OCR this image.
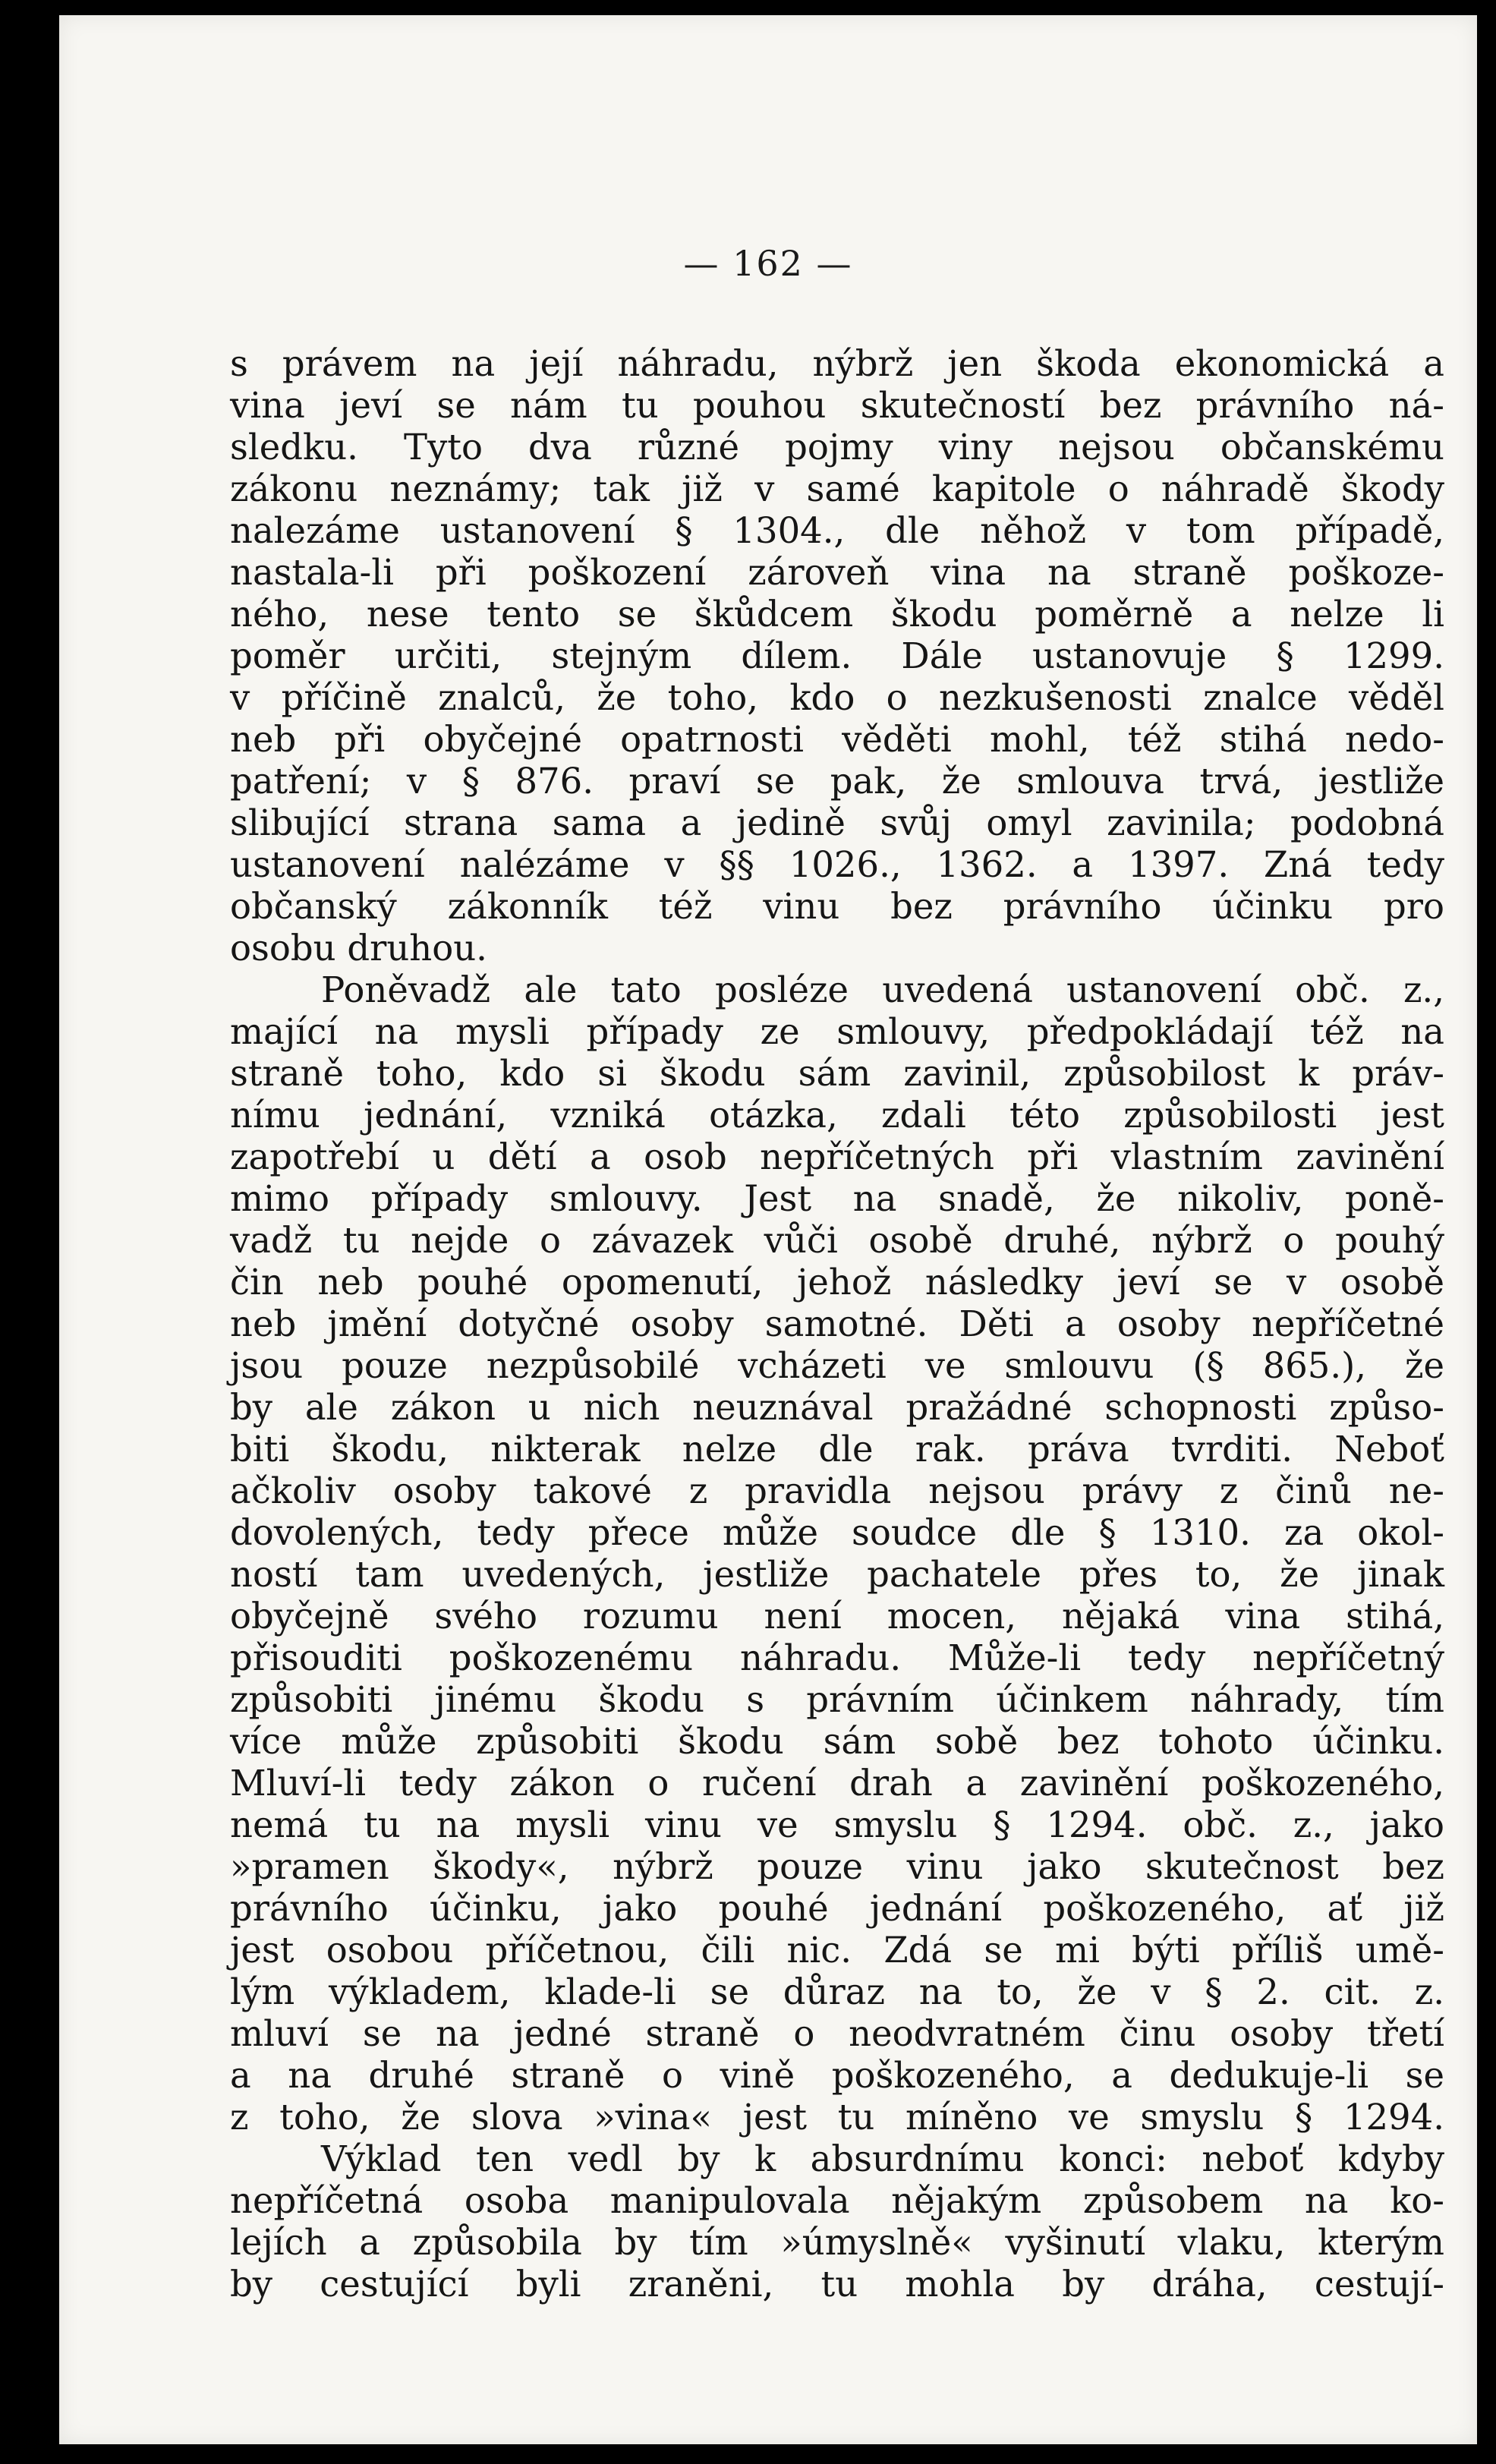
— 162 —
s právem na její náhradu, nýbrž jen škoda ekonomická a
vina jeví se nám tu pouhou skutečností bez právního ná-
sledku. Tyto dva různé pojmy viny nejsou občanskému
zákonu neznámy; tak již v samé kapitole o náhradě škody
nalezáme ustanovení § 1304., dle něhož v tom případě,
nastala-li při poškození zároveň vina na straně poškoze-
ného, nese tento se škůdcem škodu poměrně a nelze li
poměr určiti, stejným dílem. Dále ustanovuje § 1299.
v příčině znalců, že toho, kdo o nezkušenosti znalce věděl
neb při obyčejné opatrnosti věděti mohl, též stihá nedo-
patření; v § 876. praví se pak, že smlouva trvá, jestliže
slibující strana sama a jedině svůj omyl zavinila; podobná
ustanovení nalézáme v §§ 1026., 1362. a 1397. Zná tedy
občanský zákonník též vinu bez právního účinku pro
osobu druhou.
Poněvadž ale tato posléze uvedená ustanovení obč. z.,
mající na mysli případy ze smlouvy, předpokládají též na
straně toho, kdo si škodu sám zavinil, způsobilost k práv-
nímu jednání, vzniká otázka, zdali této způsobilosti jest
zapotřebí u dětí a osob nepříčetných při vlastním zavinění
mimo případy smlouvy. Jest na snadě, že nikoliv, poně-
vadž tu nejde o závazek vůči osobě druhé, nýbrž o pouhý
čin neb pouhé opomenutí, jehož následky jeví se v osobě
neb jmění dotyčné osoby samotné. Děti a osoby nepříčetné
jsou pouze nezpůsobilé vcházeti ve smlouvu (§ 865.), že
by ale zákon u nich neuznával pražádné schopnosti způso-
biti škodu, nikterak nelze dle rak. práva tvrditi. Neboť
ačkoliv osoby takové z pravidla nejsou právy z činů ne-
dovolených, tedy přece může soudce dle § 1310. za okol-
ností tam uvedených, jestliže pachatele přes to, že jinak
obyčejně svého rozumu není mocen, nějaká vina stihá,
přisouditi poškozenému náhradu. Může-li tedy nepříčetný
způsobiti jinému škodu s právním účinkem náhrady, tím
více může způsobiti škodu sám sobě bez tohoto účinku.
Mluví-li tedy zákon o ručení drah a zavinění poškozeného,
nemá tu na mysli vinu ve smyslu § 1294. obč. z., jako
»pramen škody«, nýbrž pouze vinu jako skutečnost bez
právního účinku, jako pouhé jednání poškozeného, ať již
jest osobou příčetnou, čili nic. Zdá se mi býti příliš umě-
lým výkladem, klade-li se důraz na to, že v § 2. cit. z.
mluví se na jedné straně o neodvratném činu osoby třetí
a na druhé straně o vině poškozeného, a dedukuje-li se
z toho, že slova »vina« jest tu míněno ve smyslu § 1294.
Výklad ten vedl by k absurdnímu konci: neboť kdyby
nepříčetná osoba manipulovala nějakým způsobem na ko-
lejích a způsobila by tím »úmyslně« vyšinutí vlaku, kterým
by cestující byli zraněni, tu mohla by dráha, cestují-
